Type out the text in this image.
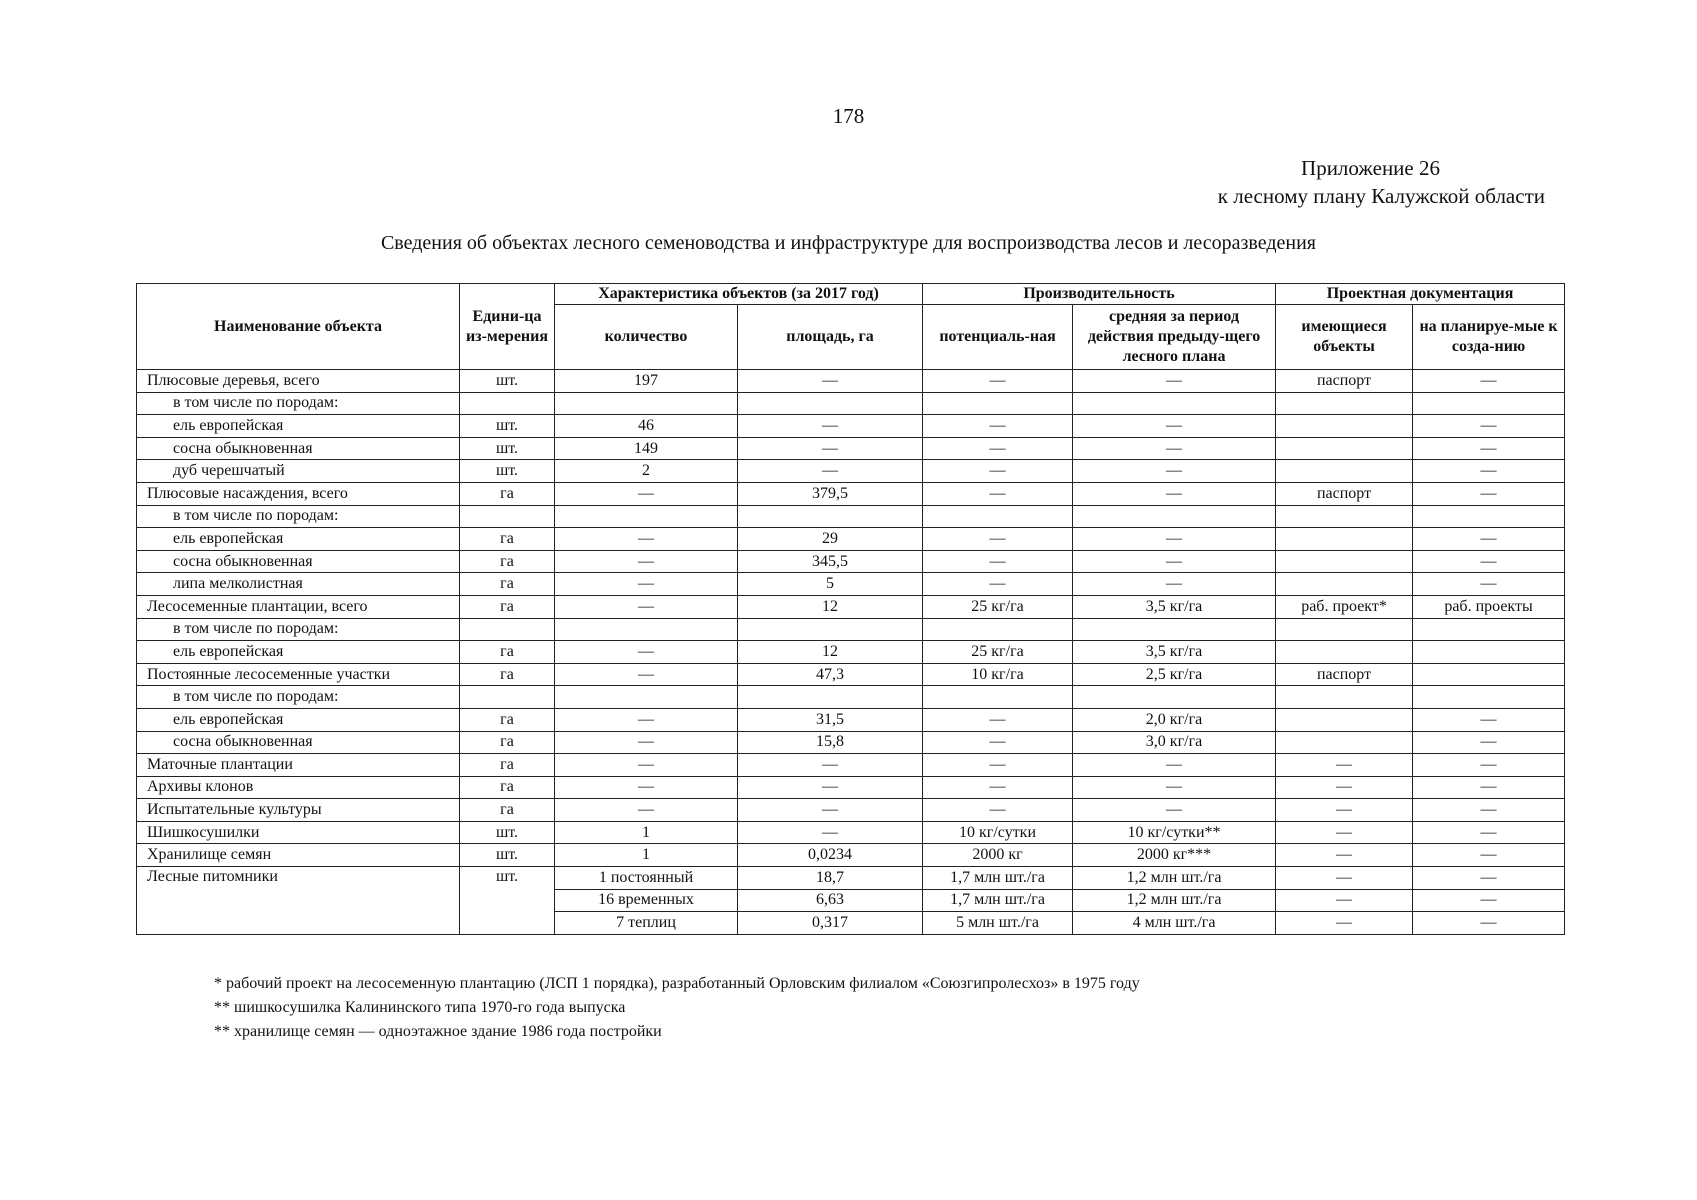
178
Приложение 26
к лесному плану Калужской области
Сведения об объектах лесного семеноводства и инфраструктуре для воспроизводства лесов и лесоразведения
Наименование объекта	Едини-ца из-мерения	Характеристика объектов (за 2017 год)		Производительность		Проектная документация	
		количество	площадь, га	потенциаль-ная	средняя за период действия предыду-щего лесного плана	имеющиеся объекты	на планируе-мые к созда-нию
Плюсовые деревья, всего	шт.	197	—	—	—	паспорт	—
в том числе по породам:							
ель европейская	шт.	46	—	—	—		—
сосна обыкновенная	шт.	149	—	—	—		—
дуб черешчатый	шт.	2	—	—	—		—
Плюсовые насаждения, всего	га	—	379,5	—	—	паспорт	—
в том числе по породам:							
ель европейская	га	—	29	—	—		—
сосна обыкновенная	га	—	345,5	—	—		—
липа мелколистная	га	—	5	—	—		—
Лесосеменные плантации, всего	га	—	12	25 кг/га	3,5 кг/га	раб. проект*	раб. проекты
в том числе по породам:							
ель европейская	га	—	12	25 кг/га	3,5 кг/га		
Постоянные лесосеменные участки	га	—	47,3	10 кг/га	2,5 кг/га	паспорт	
в том числе по породам:							
ель европейская	га	—	31,5	—	2,0 кг/га		—
сосна обыкновенная	га	—	15,8	—	3,0 кг/га		—
Маточные плантации	га	—	—	—	—	—	—
Архивы клонов	га	—	—	—	—	—	—
Испытательные культуры	га	—	—	—	—	—	—
Шишкосушилки	шт.	1	—	10 кг/сутки	10 кг/сутки**	—	—
Хранилище семян	шт.	1	0,0234	2000 кг	2000 кг***	—	—
Лесные питомники	шт.	1 постоянный	18,7	1,7 млн шт./га	1,2 млн шт./га	—	—
		16 временных	6,63	1,7 млн шт./га	1,2 млн шт./га	—	—
		7 теплиц	0,317	5 млн шт./га	4 млн шт./га	—	—
* рабочий проект на лесосеменную плантацию (ЛСП 1 порядка), разработанный Орловским филиалом «Союзгипролесхоз» в 1975 году
** шишкосушилка Калининского типа 1970-го года выпуска
** хранилище семян — одноэтажное здание 1986 года постройки
